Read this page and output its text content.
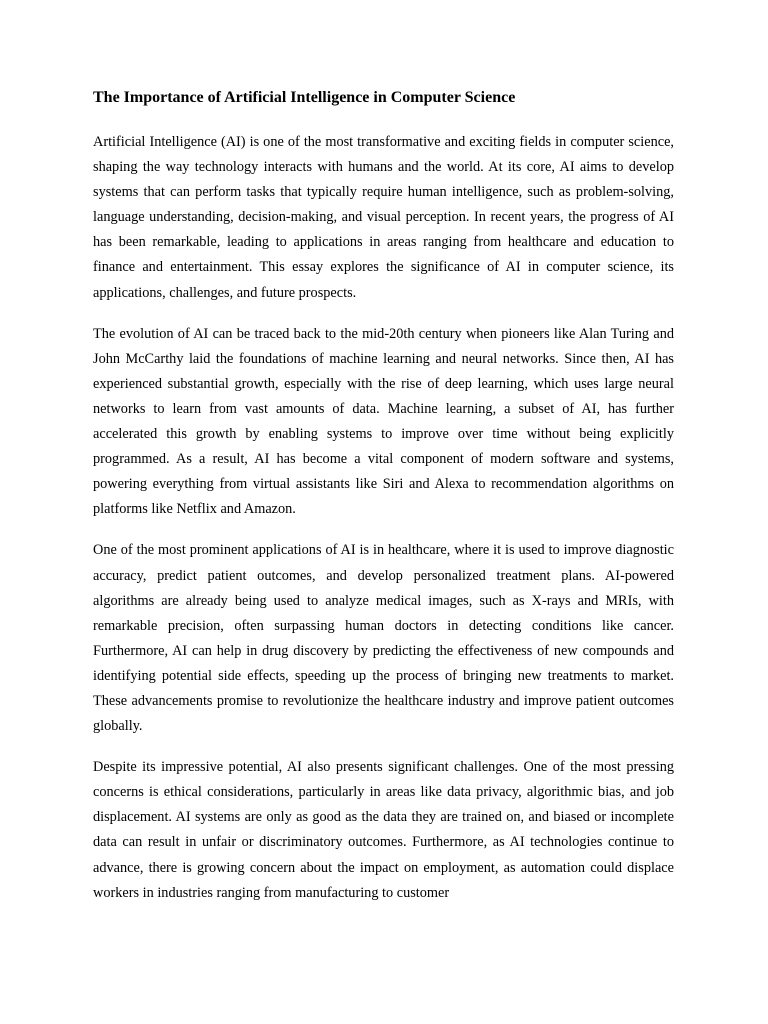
The Importance of Artificial Intelligence in Computer Science

Artificial Intelligence (AI) is one of the most transformative and exciting fields in computer science, shaping the way technology interacts with humans and the world. At its core, AI aims to develop systems that can perform tasks that typically require human intelligence, such as problem-solving, language understanding, decision-making, and visual perception. In recent years, the progress of AI has been remarkable, leading to applications in areas ranging from healthcare and education to finance and entertainment. This essay explores the significance of AI in computer science, its applications, challenges, and future prospects.

The evolution of AI can be traced back to the mid-20th century when pioneers like Alan Turing and John McCarthy laid the foundations of machine learning and neural networks. Since then, AI has experienced substantial growth, especially with the rise of deep learning, which uses large neural networks to learn from vast amounts of data. Machine learning, a subset of AI, has further accelerated this growth by enabling systems to improve over time without being explicitly programmed. As a result, AI has become a vital component of modern software and systems, powering everything from virtual assistants like Siri and Alexa to recommendation algorithms on platforms like Netflix and Amazon.

One of the most prominent applications of AI is in healthcare, where it is used to improve diagnostic accuracy, predict patient outcomes, and develop personalized treatment plans. AI-powered algorithms are already being used to analyze medical images, such as X-rays and MRIs, with remarkable precision, often surpassing human doctors in detecting conditions like cancer. Furthermore, AI can help in drug discovery by predicting the effectiveness of new compounds and identifying potential side effects, speeding up the process of bringing new treatments to market. These advancements promise to revolutionize the healthcare industry and improve patient outcomes globally.

Despite its impressive potential, AI also presents significant challenges. One of the most pressing concerns is ethical considerations, particularly in areas like data privacy, algorithmic bias, and job displacement. AI systems are only as good as the data they are trained on, and biased or incomplete data can result in unfair or discriminatory outcomes. Furthermore, as AI technologies continue to advance, there is growing concern about the impact on employment, as automation could displace workers in industries ranging from manufacturing to customer
